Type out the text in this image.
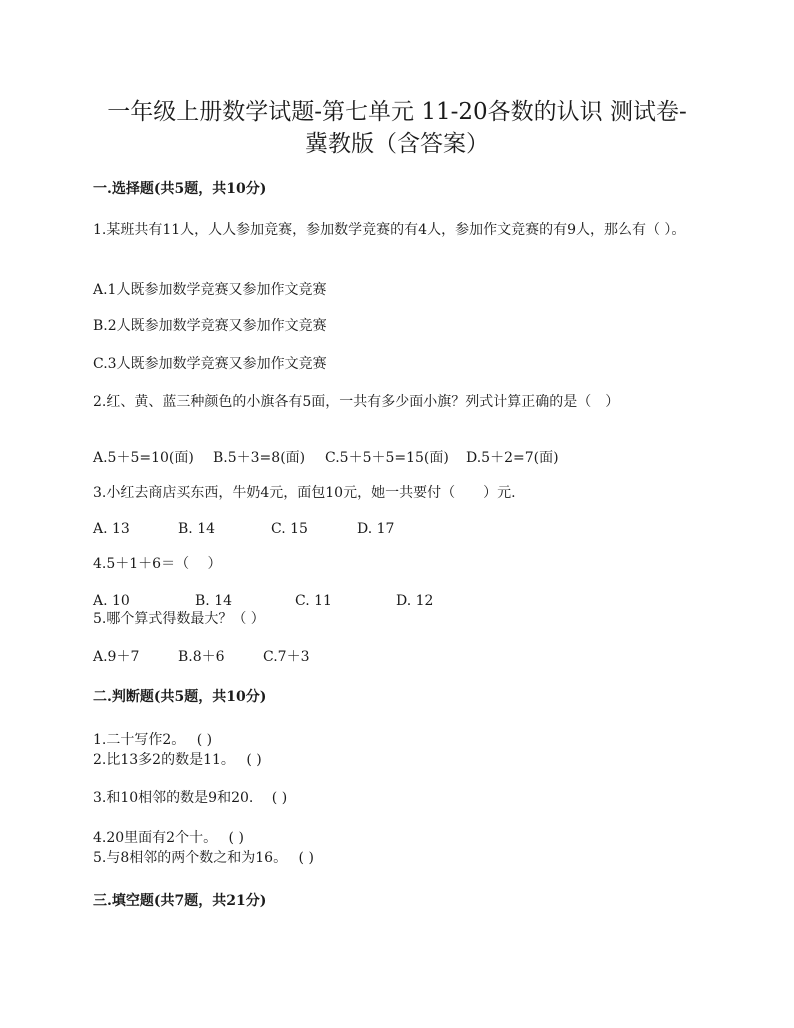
一年级上册数学试题-第七单元 11-20各数的认识 测试卷-
冀教版（含答案）
一.选择题(共5题，共10分)
1.某班共有11人，人人参加竞赛，参加数学竞赛的有4人，参加作文竞赛的有9人，那么有（ ）。
A.1人既参加数学竞赛又参加作文竞赛
B.2人既参加数学竞赛又参加作文竞赛
C.3人既参加数学竞赛又参加作文竞赛
2.红、黄、蓝三种颜色的小旗各有5面，一共有多少面小旗？列式计算正确的是（　）
A.5＋5=10(面) B.5＋3=8(面) C.5＋5＋5=15(面) D.5＋2=7(面)
3.小红去商店买东西，牛奶4元，面包10元，她一共要付（　　）元.
A. 13	B. 14	C. 15	D. 17
4.5＋1＋6＝（　 ）
A. 10	B. 14	C. 11	D. 12
5.哪个算式得数最大？（ ）
A.9＋7	B.8＋6	C.7＋3
二.判断题(共5题，共10分)
1.二十写作2。　 ( )
2.比13多2的数是11。　 ( )
3.和10相邻的数是9和20.　 ( )
4.20里面有2个十。　 ( )
5.与8相邻的两个数之和为16。　 ( )
三.填空题(共7题，共21分)
